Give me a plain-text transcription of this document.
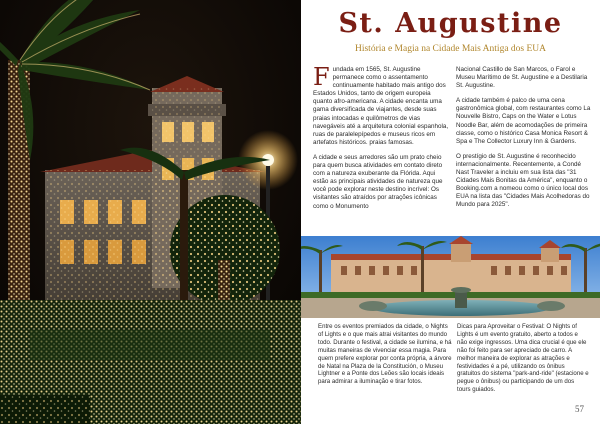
St. Augustine

História e Magia na Cidade Mais Antiga dos EUA

Fundada em 1565, St. Augustine permanece como o assentamento continuamente habitado mais antigo dos Estados Unidos, tanto de origem europeia quanto afro-americana. A cidade encanta uma gama diversificada de viajantes, desde suas praias intocadas e quilômetros de vias navegáveis até a arquitetura colonial espanhola, ruas de paralelepípedos e museus ricos em artefatos históricos. praias famosas.

A cidade e seus arredores são um prato cheio para quem busca atividades em contato direto com a natureza exuberante da Flórida. Aqui estão as principais atividades de natureza que você pode explorar neste destino incrível: Os visitantes são atraídos por atrações icônicas como o Monumento

Nacional Castillo de San Marcos, o Farol e Museu Marítimo de St. Augustine e a Destilaria St. Augustine.

A cidade também é palco de uma cena gastronômica global, com restaurantes como La Nouvelle Bistro, Caps on the Water e Lotus Noodle Bar, além de acomodações de primeira classe, como o histórico Casa Monica Resort & Spa e The Collector Luxury Inn & Gardens.

O prestígio de St. Augustine é reconhecido internacionalmente. Recentemente, a Condé Nast Traveler a incluiu em sua lista das "31 Cidades Mais Bonitas da América", enquanto o Booking.com a nomeou como o único local dos EUA na lista das "Cidades Mais Acolhedoras do Mundo para 2025".

Entre os eventos premiados da cidade, o Nights of Lights e o que mais atrai visitantes do mundo todo. Durante o festival, a cidade se ilumina, e há muitas maneiras de vivenciar essa magia. Para quem prefere explorar por conta própria, a árvore de Natal na Plaza de la Constitución, o Museu Lightner e a Ponte dos Leões são locais ideais para admirar a iluminação e tirar fotos.

Dicas para Aproveitar o Festival: O Nights of Lights é um evento gratuito, aberto a todos e não exige ingressos. Uma dica crucial é que ele não foi feito para ser apreciado de carro. A melhor maneira de explorar as atrações e festividades é a pé, utilizando os ônibus gratuitos do sistema "park-and-ride" (estacione e pegue o ônibus) ou participando de um dos tours guiados.

57
